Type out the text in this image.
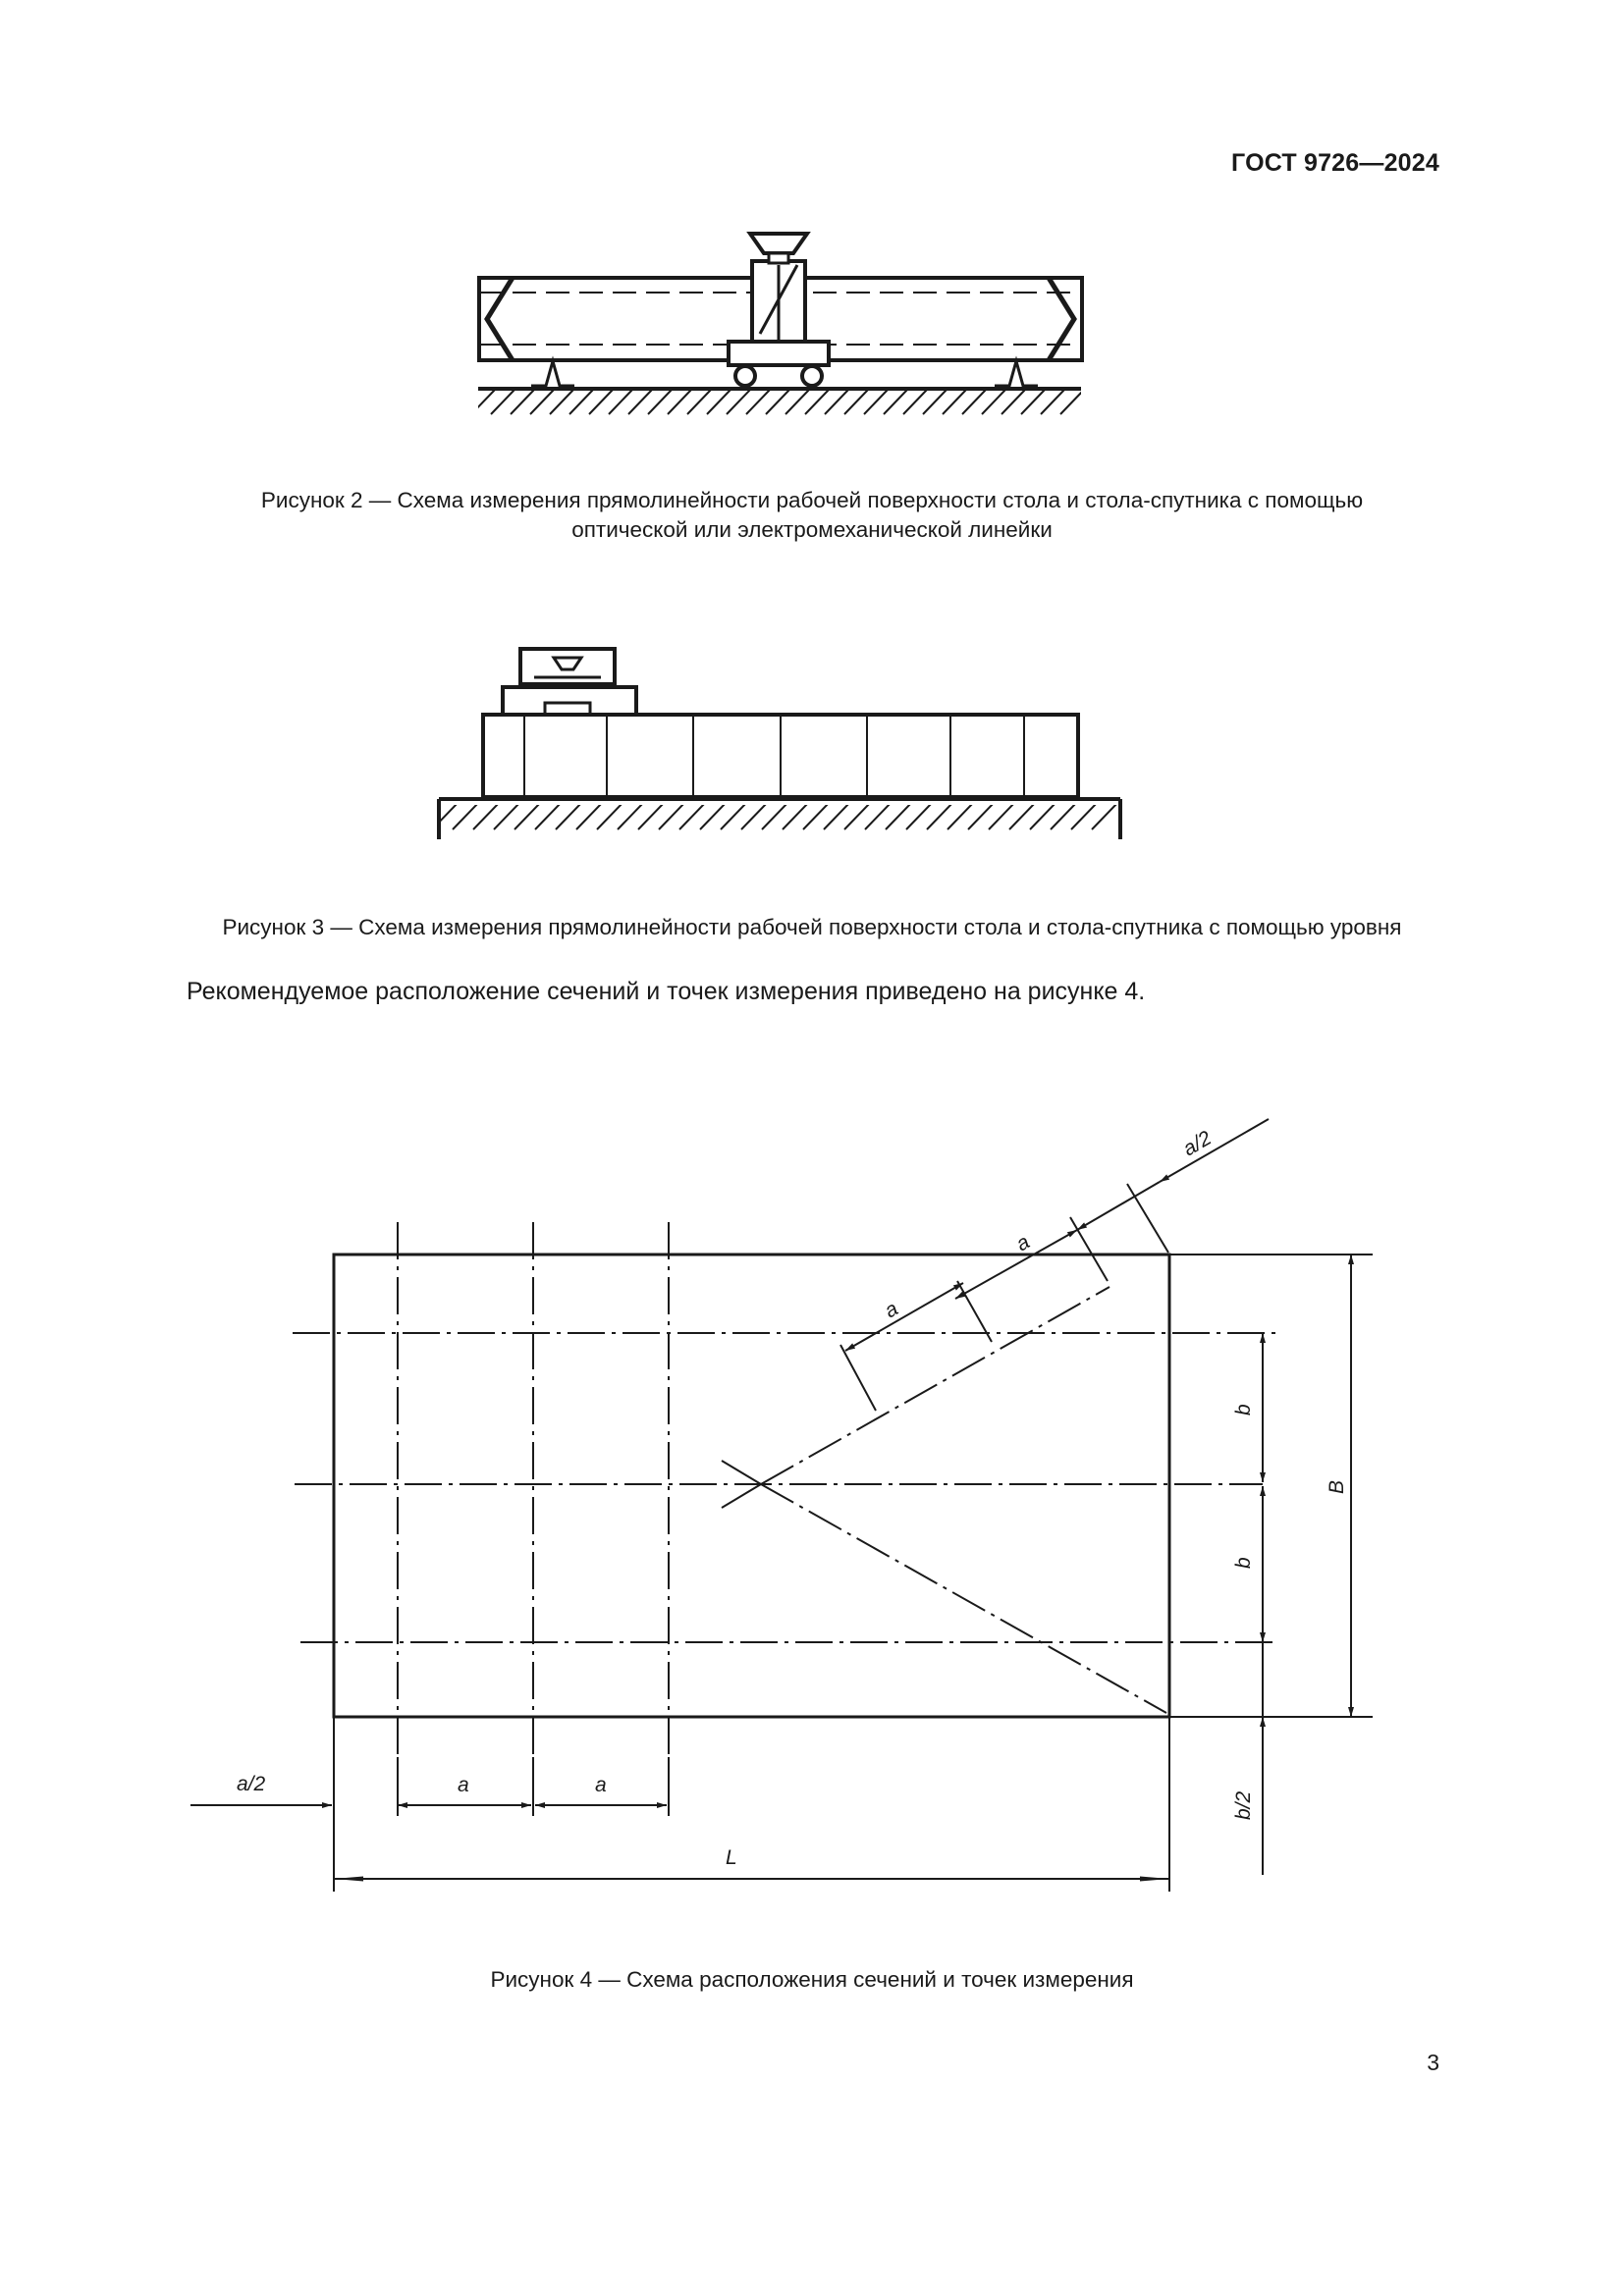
ГОСТ 9726—2024
Рисунок 2 — Схема измерения прямолинейности рабочей поверхности стола и стола-спутника с помощью
оптической или электромеханической линейки
Рисунок 3 — Схема измерения прямолинейности рабочей поверхности стола и стола-спутника с помощью уровня
Рекомендуемое расположение сечений и точек измерения приведено на рисунке 4.
a/2
a
a
b
b
B
b/2
a/2	a	a
L
Рисунок 4 — Схема расположения сечений и точек измерения
3
